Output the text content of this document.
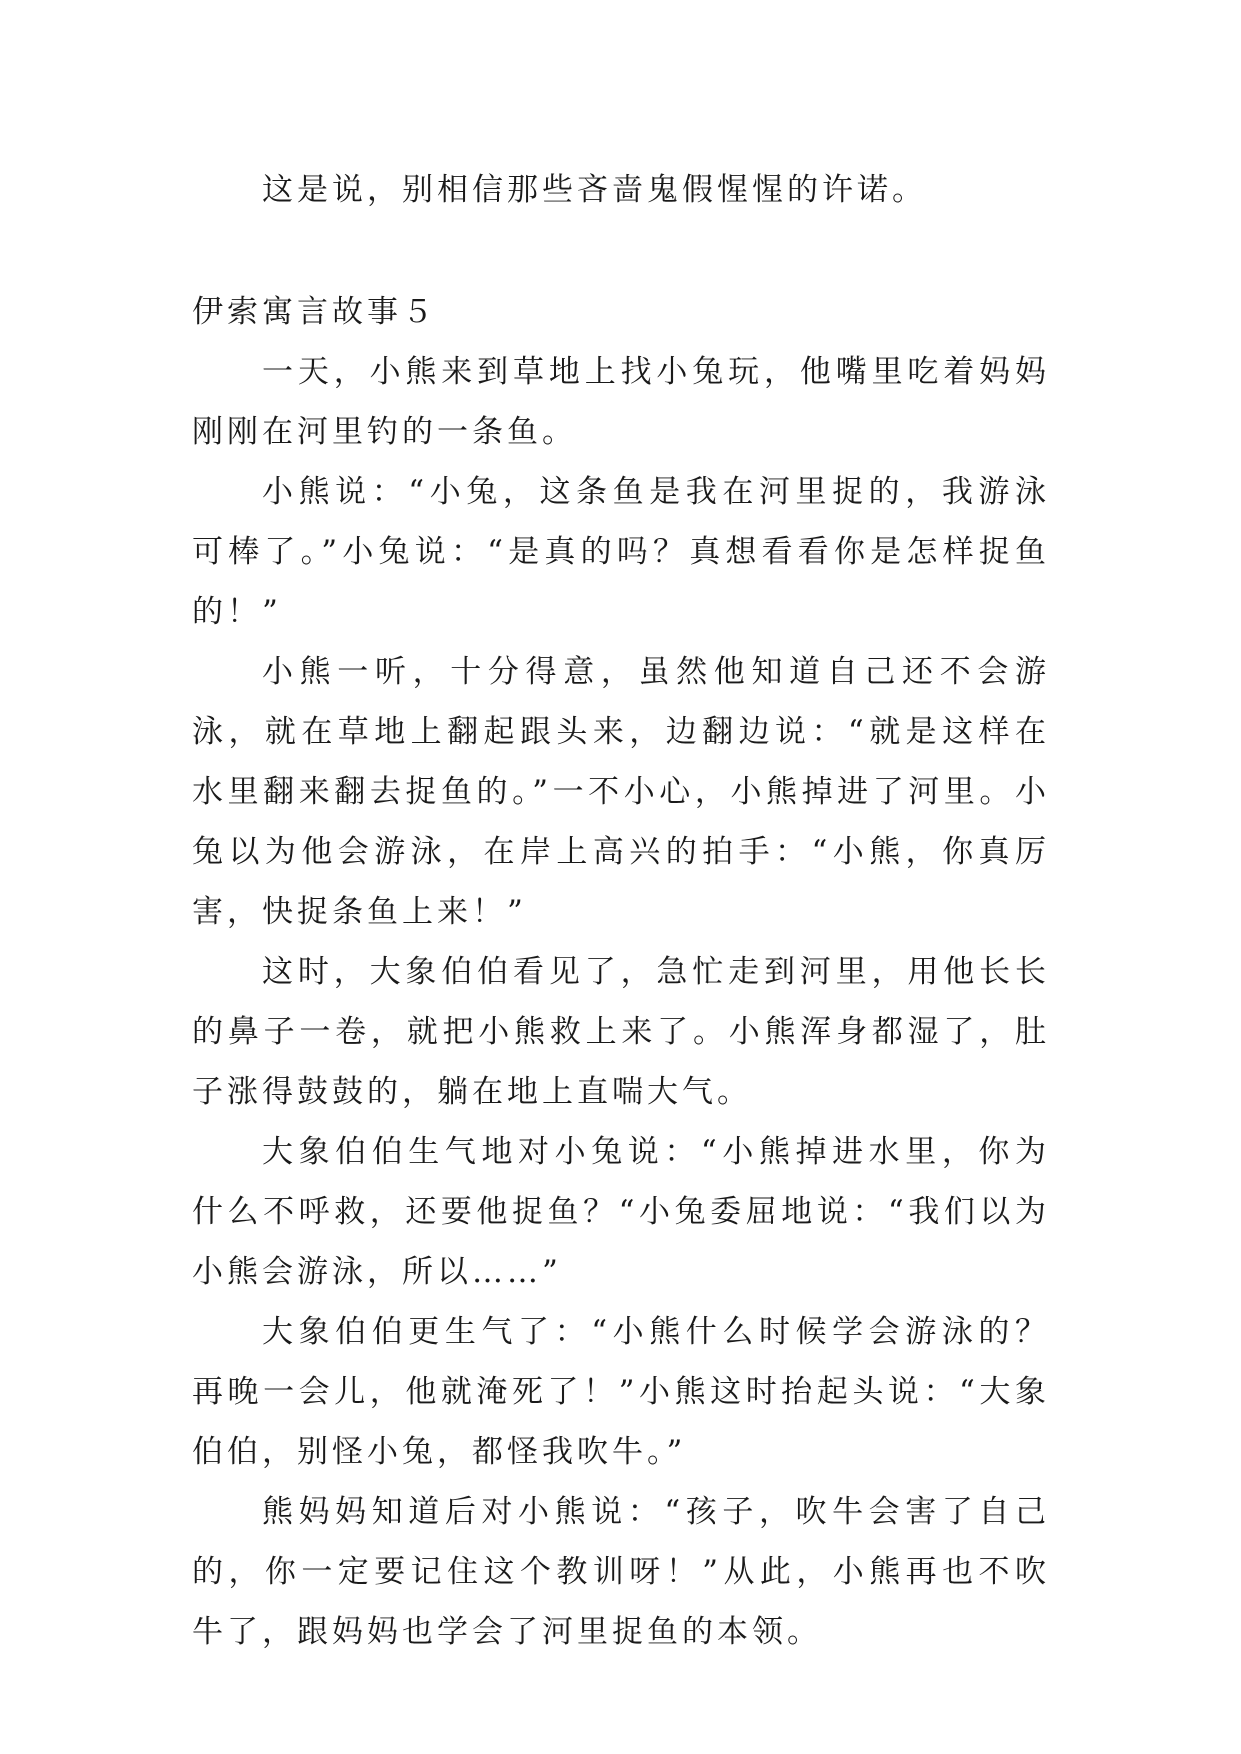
这是说，别相信那些吝啬鬼假惺惺的许诺。

伊索寓言故事５

一天，小熊来到草地上找小兔玩，他嘴里吃着妈妈刚刚在河里钓的一条鱼。

小熊说：“小兔，这条鱼是我在河里捉的，我游泳可棒了。”小兔说：“是真的吗？真想看看你是怎样捉鱼的！”

小熊一听，十分得意，虽然他知道自己还不会游泳，就在草地上翻起跟头来，边翻边说：“就是这样在水里翻来翻去捉鱼的。”一不小心，小熊掉进了河里。小兔以为他会游泳，在岸上高兴的拍手：“小熊，你真厉害，快捉条鱼上来！”

这时，大象伯伯看见了，急忙走到河里，用他长长的鼻子一卷，就把小熊救上来了。小熊浑身都湿了，肚子涨得鼓鼓的，躺在地上直喘大气。

大象伯伯生气地对小兔说：“小熊掉进水里，你为什么不呼救，还要他捉鱼？“小兔委屈地说：“我们以为小熊会游泳，所以……”

大象伯伯更生气了：“小熊什么时候学会游泳的？再晚一会儿，他就淹死了！”小熊这时抬起头说：“大象伯伯，别怪小兔，都怪我吹牛。”

熊妈妈知道后对小熊说：“孩子，吹牛会害了自己的，你一定要记住这个教训呀！”从此，小熊再也不吹牛了，跟妈妈也学会了河里捉鱼的本领。
